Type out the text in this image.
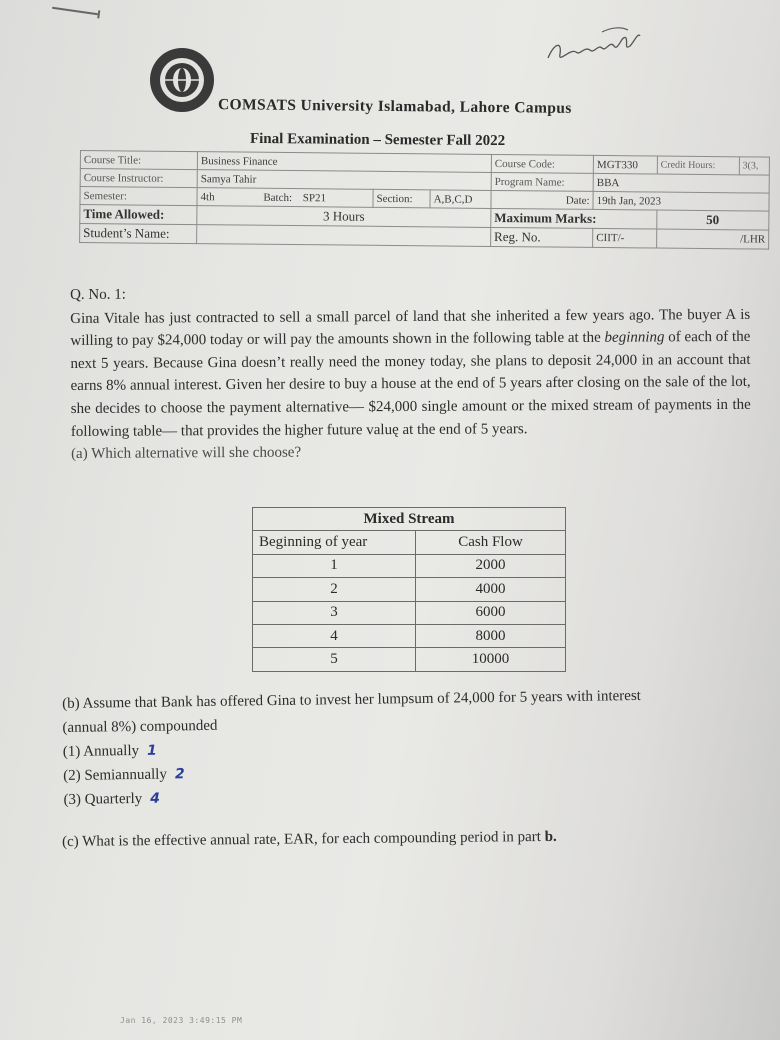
COMSATS University Islamabad, Lahore Campus
Final Examination – Semester Fall 2022
Course Title:	Business Finance			Course Code:	MGT330	Credit Hours:	3(3,
Course Instructor:	Samya Tahir			Program Name:	BBA		
Semester:	4th Batch: SP21	Section:	A,B,C,D	Date:	19th Jan, 2023		
Time Allowed:	3 Hours			Maximum Marks:		50	
Student’s Name:				Reg. No.	CIIT/-	/LHR	
Q. No. 1:

Gina Vitale has just contracted to sell a small parcel of land that she inherited a few years ago. The buyer A is willing to pay $24,000 today or will pay the amounts shown in the following table at the beginning of each of the next 5 years. Because Gina doesn’t really need the money today, she plans to deposit 24,000 in an account that earns 8% annual interest. Given her desire to buy a house at the end of 5 years after closing on the sale of the lot, she decides to choose the payment alternative— $24,000 single amount or the mixed stream of payments in the following table— that provides the higher future valuę at the end of 5 years.

(a) Which alternative will she choose?

Mixed Stream	
Beginning of year	Cash Flow
1	2000
2	4000
3	6000
4	8000
5	10000
(b) Assume that Bank has offered Gina to invest her lumpsum of 24,000 for 5 years with interest
(annual 8%) compounded
(1) Annually 1
(2) Semiannually 2
(3) Quarterly 4
(c) What is the effective annual rate, EAR, for each compounding period in part b.
Jan 16, 2023 3:49:15 PM
